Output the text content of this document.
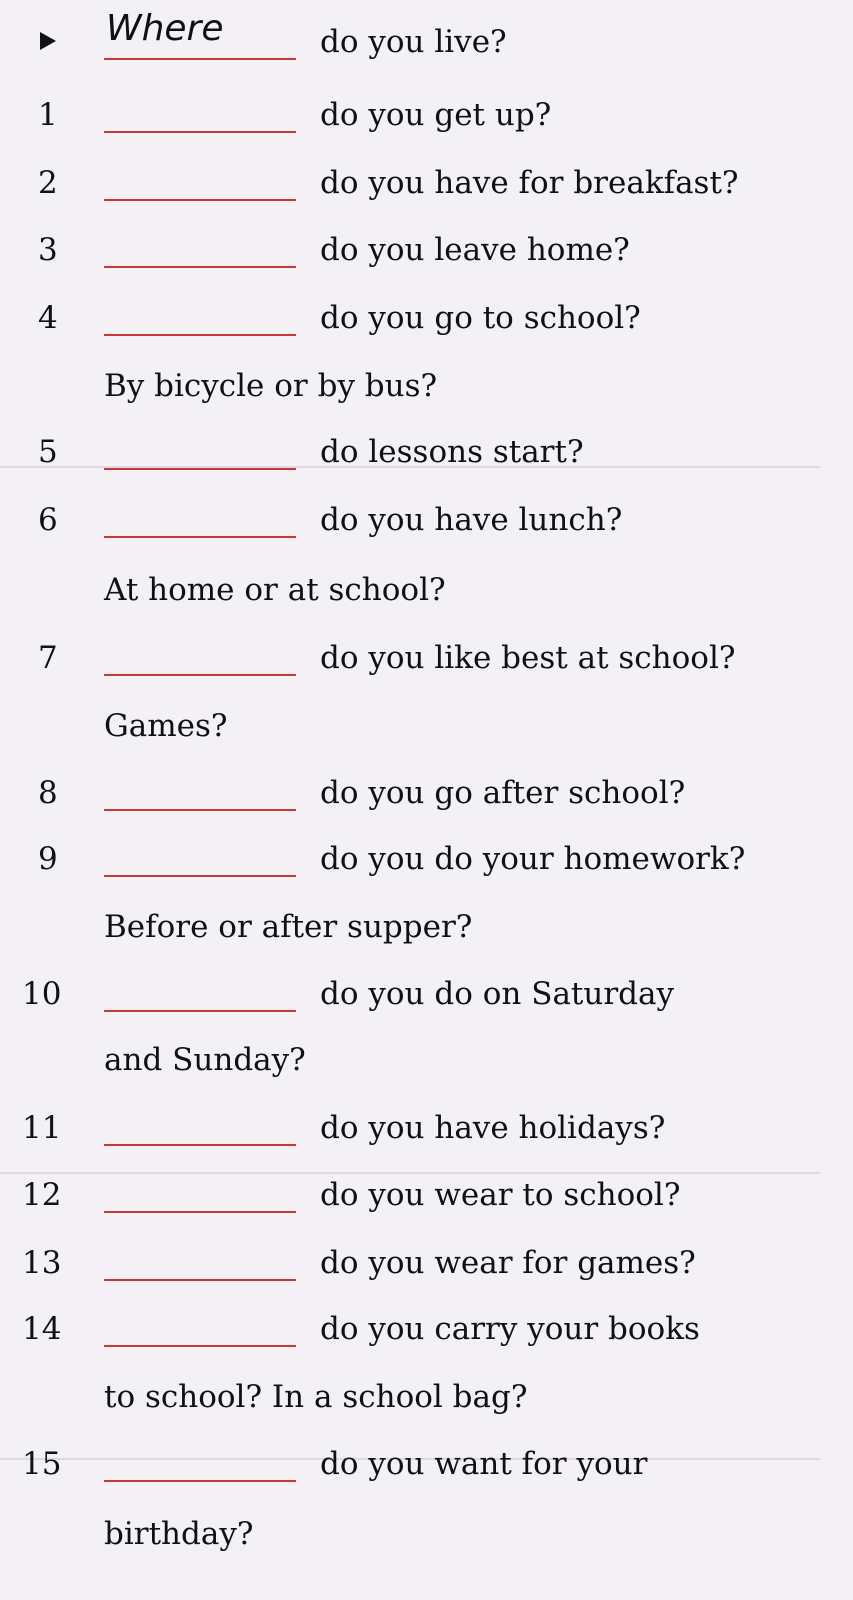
Where	do you live?
1	do you get up?
2	do you have for breakfast?
3	do you leave home?
4	do you go to school?
By bicycle or by bus?
5	do lessons start?
6	do you have lunch?
At home or at school?
7	do you like best at school?
Games?
8	do you go after school?
9	do you do your homework?
Before or after supper?
10	do you do on Saturday
and Sunday?
11	do you have holidays?
12	do you wear to school?
13	do you wear for games?
14	do you carry your books
to school? In a school bag?
15	do you want for your
birthday?
